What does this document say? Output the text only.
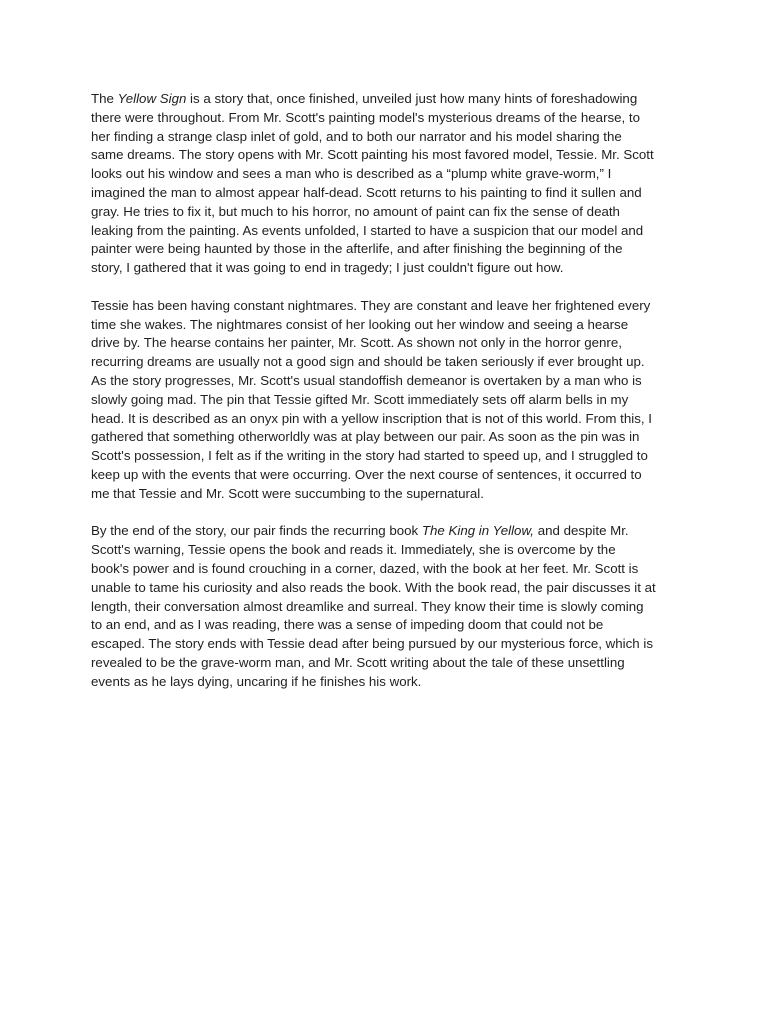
The Yellow Sign is a story that, once finished, unveiled just how many hints of foreshadowing
there were throughout. From Mr. Scott's painting model's mysterious dreams of the hearse, to
her finding a strange clasp inlet of gold, and to both our narrator and his model sharing the
same dreams. The story opens with Mr. Scott painting his most favored model, Tessie. Mr. Scott
looks out his window and sees a man who is described as a “plump white grave-worm,” I
imagined the man to almost appear half-dead. Scott returns to his painting to find it sullen and
gray. He tries to fix it, but much to his horror, no amount of paint can fix the sense of death
leaking from the painting. As events unfolded, I started to have a suspicion that our model and
painter were being haunted by those in the afterlife, and after finishing the beginning of the
story, I gathered that it was going to end in tragedy; I just couldn't figure out how.

Tessie has been having constant nightmares. They are constant and leave her frightened every
time she wakes. The nightmares consist of her looking out her window and seeing a hearse
drive by. The hearse contains her painter, Mr. Scott. As shown not only in the horror genre,
recurring dreams are usually not a good sign and should be taken seriously if ever brought up.
As the story progresses, Mr. Scott's usual standoffish demeanor is overtaken by a man who is
slowly going mad. The pin that Tessie gifted Mr. Scott immediately sets off alarm bells in my
head. It is described as an onyx pin with a yellow inscription that is not of this world. From this, I
gathered that something otherworldly was at play between our pair. As soon as the pin was in
Scott's possession, I felt as if the writing in the story had started to speed up, and I struggled to
keep up with the events that were occurring. Over the next course of sentences, it occurred to
me that Tessie and Mr. Scott were succumbing to the supernatural.

By the end of the story, our pair finds the recurring book The King in Yellow, and despite Mr.
Scott's warning, Tessie opens the book and reads it. Immediately, she is overcome by the
book's power and is found crouching in a corner, dazed, with the book at her feet. Mr. Scott is
unable to tame his curiosity and also reads the book. With the book read, the pair discusses it at
length, their conversation almost dreamlike and surreal. They know their time is slowly coming
to an end, and as I was reading, there was a sense of impeding doom that could not be
escaped. The story ends with Tessie dead after being pursued by our mysterious force, which is
revealed to be the grave-worm man, and Mr. Scott writing about the tale of these unsettling
events as he lays dying, uncaring if he finishes his work.
